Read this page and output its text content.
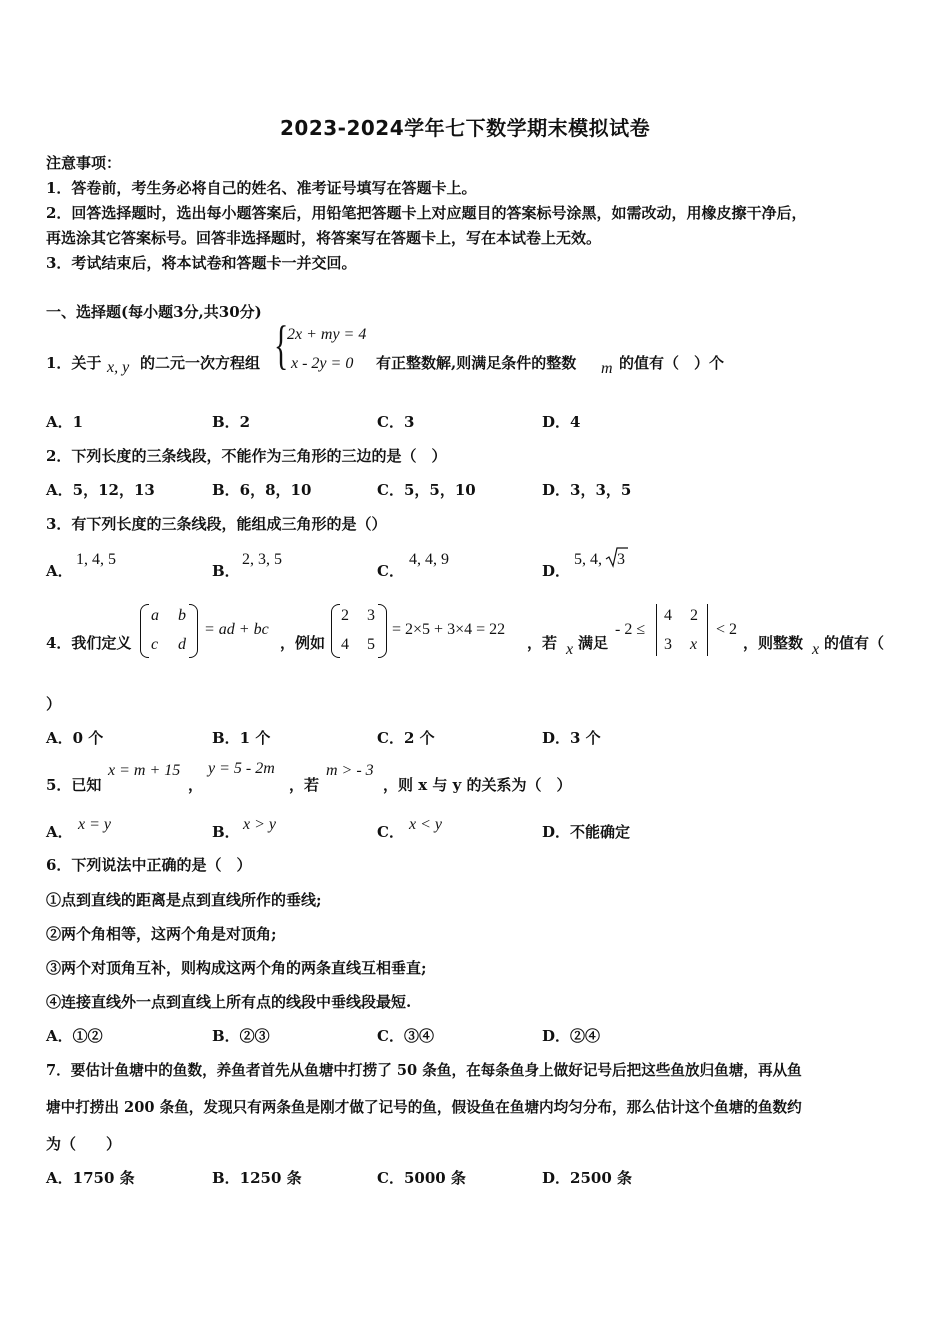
2023-2024学年七下数学期末模拟试卷
注意事项：
1．答卷前，考生务必将自己的姓名、准考证号填写在答题卡上。
2．回答选择题时，选出每小题答案后，用铅笔把答题卡上对应题目的答案标号涂黑，如需改动，用橡皮擦干净后，
再选涂其它答案标号。回答非选择题时，将答案写在答题卡上，写在本试卷上无效。
3．考试结束后，将本试卷和答题卡一并交回。
一、选择题(每小题3分,共30分)
1．关于 x, y 的二元一次方程组 {
2x + my = 4
x - 2y = 0 有正整数解,则满足条件的整数 m 的值有（　）个
A．1	B．2	C．3	D．4
2．下列长度的三条线段，不能作为三角形的三边的是（　）
A．5，12，13	B．6，8，10	C．5，5，10	D．3，3，5
3．有下列长度的三条线段，能组成三角形的是（）
A．
1, 4, 5
B．
2, 3, 5
C．
4, 4, 9
D．
5, 4, 3
4．我们定义
a b
c d
= ad + bc
，例如
2 3
4 5
= 2×5 + 3×4 = 22
，若 x 满足
- 2 ≤
4 2
3 x
< 2
，则整数 x 的值有（
）
A．0 个	B．1 个	C．2 个	D．3 个
5．已知
x = m + 15
，
y = 5 - 2m
，若
m > - 3
，则 x 与 y 的关系为（　）
A． x = y	B． x > y	C． x < y	D．不能确定
6．下列说法中正确的是（　）
①点到直线的距离是点到直线所作的垂线;
②两个角相等，这两个角是对顶角;
③两个对顶角互补，则构成这两个角的两条直线互相垂直;
④连接直线外一点到直线上所有点的线段中垂线段最短.
A．①②	B．②③	C．③④	D．②④
7．要估计鱼塘中的鱼数，养鱼者首先从鱼塘中打捞了 50 条鱼，在每条鱼身上做好记号后把这些鱼放归鱼塘，再从鱼
塘中打捞出 200 条鱼，发现只有两条鱼是刚才做了记号的鱼，假设鱼在鱼塘内均匀分布，那么估计这个鱼塘的鱼数约
为（　　）
A．1750 条	B．1250 条	C．5000 条	D．2500 条
